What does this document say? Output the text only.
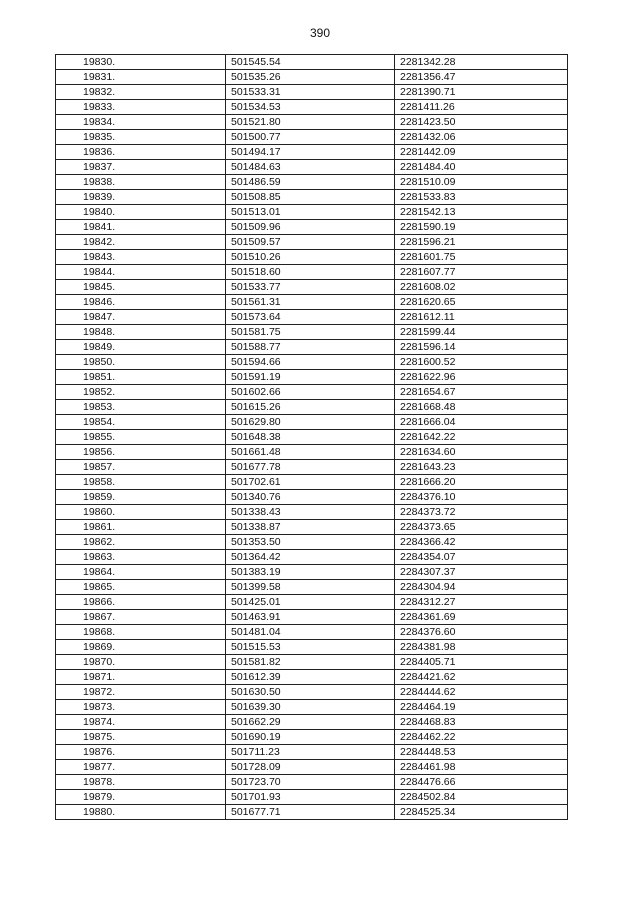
390
19830.	501545.54	2281342.28
19831.	501535.26	2281356.47
19832.	501533.31	2281390.71
19833.	501534.53	2281411.26
19834.	501521.80	2281423.50
19835.	501500.77	2281432.06
19836.	501494.17	2281442.09
19837.	501484.63	2281484.40
19838.	501486.59	2281510.09
19839.	501508.85	2281533.83
19840.	501513.01	2281542.13
19841.	501509.96	2281590.19
19842.	501509.57	2281596.21
19843.	501510.26	2281601.75
19844.	501518.60	2281607.77
19845.	501533.77	2281608.02
19846.	501561.31	2281620.65
19847.	501573.64	2281612.11
19848.	501581.75	2281599.44
19849.	501588.77	2281596.14
19850.	501594.66	2281600.52
19851.	501591.19	2281622.96
19852.	501602.66	2281654.67
19853.	501615.26	2281668.48
19854.	501629.80	2281666.04
19855.	501648.38	2281642.22
19856.	501661.48	2281634.60
19857.	501677.78	2281643.23
19858.	501702.61	2281666.20
19859.	501340.76	2284376.10
19860.	501338.43	2284373.72
19861.	501338.87	2284373.65
19862.	501353.50	2284366.42
19863.	501364.42	2284354.07
19864.	501383.19	2284307.37
19865.	501399.58	2284304.94
19866.	501425.01	2284312.27
19867.	501463.91	2284361.69
19868.	501481.04	2284376.60
19869.	501515.53	2284381.98
19870.	501581.82	2284405.71
19871.	501612.39	2284421.62
19872.	501630.50	2284444.62
19873.	501639.30	2284464.19
19874.	501662.29	2284468.83
19875.	501690.19	2284462.22
19876.	501711.23	2284448.53
19877.	501728.09	2284461.98
19878.	501723.70	2284476.66
19879.	501701.93	2284502.84
19880.	501677.71	2284525.34
